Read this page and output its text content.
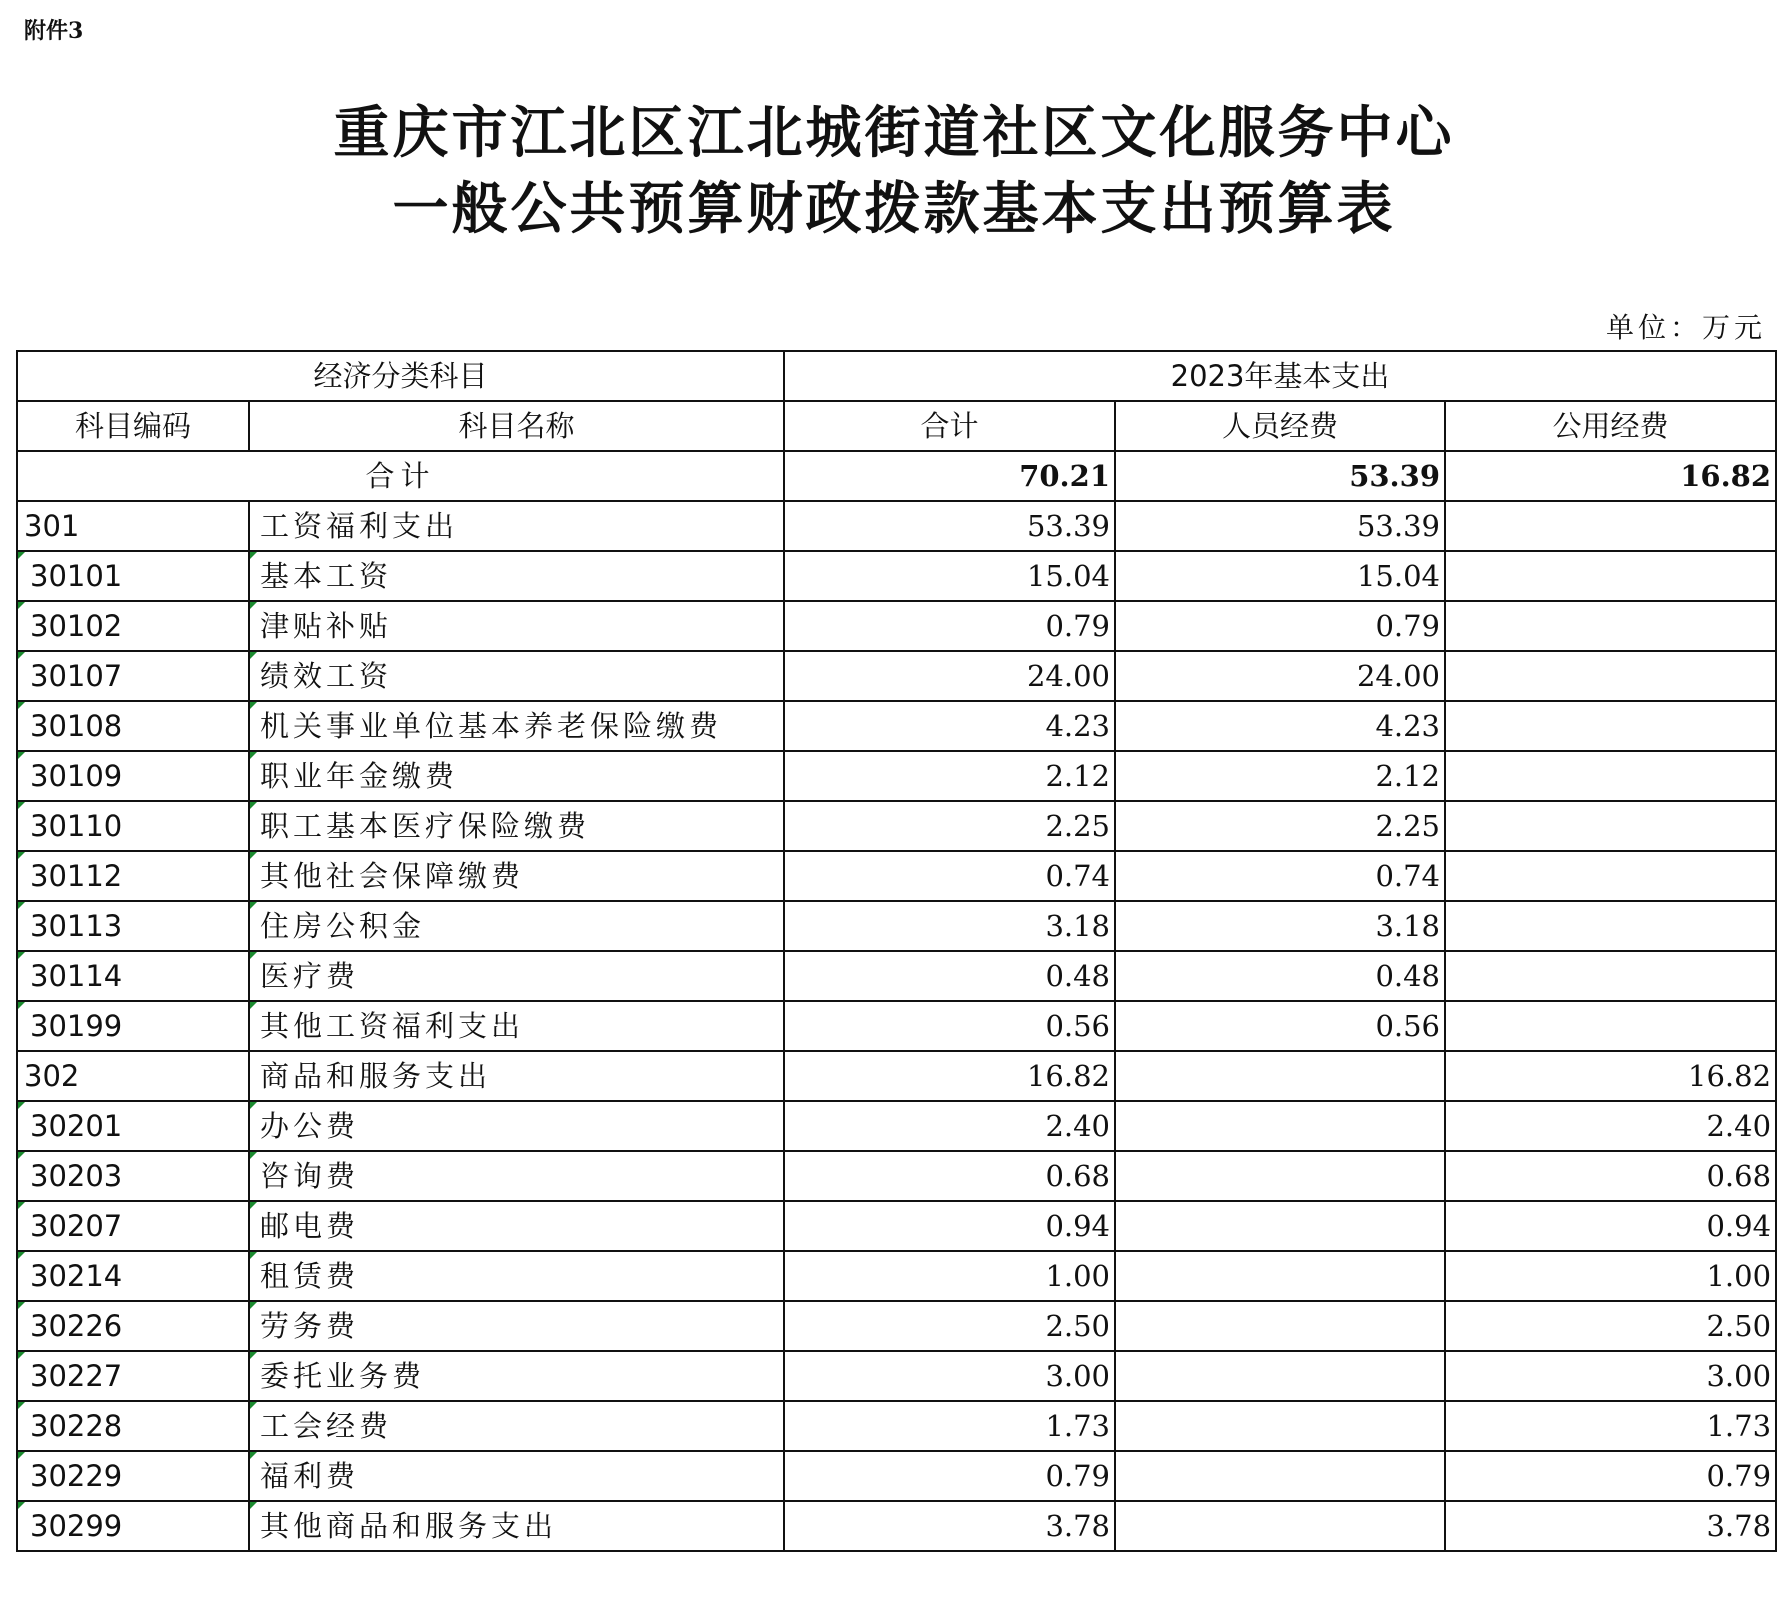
附件3
重庆市江北区江北城街道社区文化服务中心
一般公共预算财政拨款基本支出预算表
单位：万元
经济分类科目		2023年基本支出		
科目编码	科目名称	合计	人员经费	公用经费
合计		70.21	53.39	16.82
301	工资福利支出	53.39	53.39	
30101	基本工资	15.04	15.04	
30102	津贴补贴	0.79	0.79	
30107	绩效工资	24.00	24.00	
30108	机关事业单位基本养老保险缴费	4.23	4.23	
30109	职业年金缴费	2.12	2.12	
30110	职工基本医疗保险缴费	2.25	2.25	
30112	其他社会保障缴费	0.74	0.74	
30113	住房公积金	3.18	3.18	
30114	医疗费	0.48	0.48	
30199	其他工资福利支出	0.56	0.56	
302	商品和服务支出	16.82		16.82
30201	办公费	2.40		2.40
30203	咨询费	0.68		0.68
30207	邮电费	0.94		0.94
30214	租赁费	1.00		1.00
30226	劳务费	2.50		2.50
30227	委托业务费	3.00		3.00
30228	工会经费	1.73		1.73
30229	福利费	0.79		0.79
30299	其他商品和服务支出	3.78		3.78
